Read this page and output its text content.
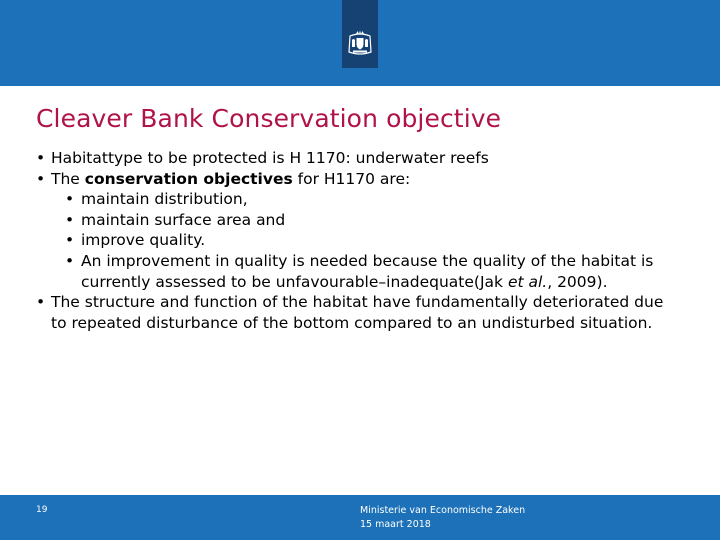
Cleaver Bank Conservation objective
• Habitattype to be protected is H 1170: underwater reefs
• The conservation objectives for H1170 are:
• maintain distribution,
• maintain surface area and
• improve quality.
• An improvement in quality is needed because the quality of the habitat is currently assessed to be unfavourable–inadequate(Jak et al., 2009).
• The structure and function of the habitat have fundamentally deteriorated due to repeated disturbance of the bottom compared to an undisturbed situation.
19	Ministerie van Economische Zaken
15 maart 2018
